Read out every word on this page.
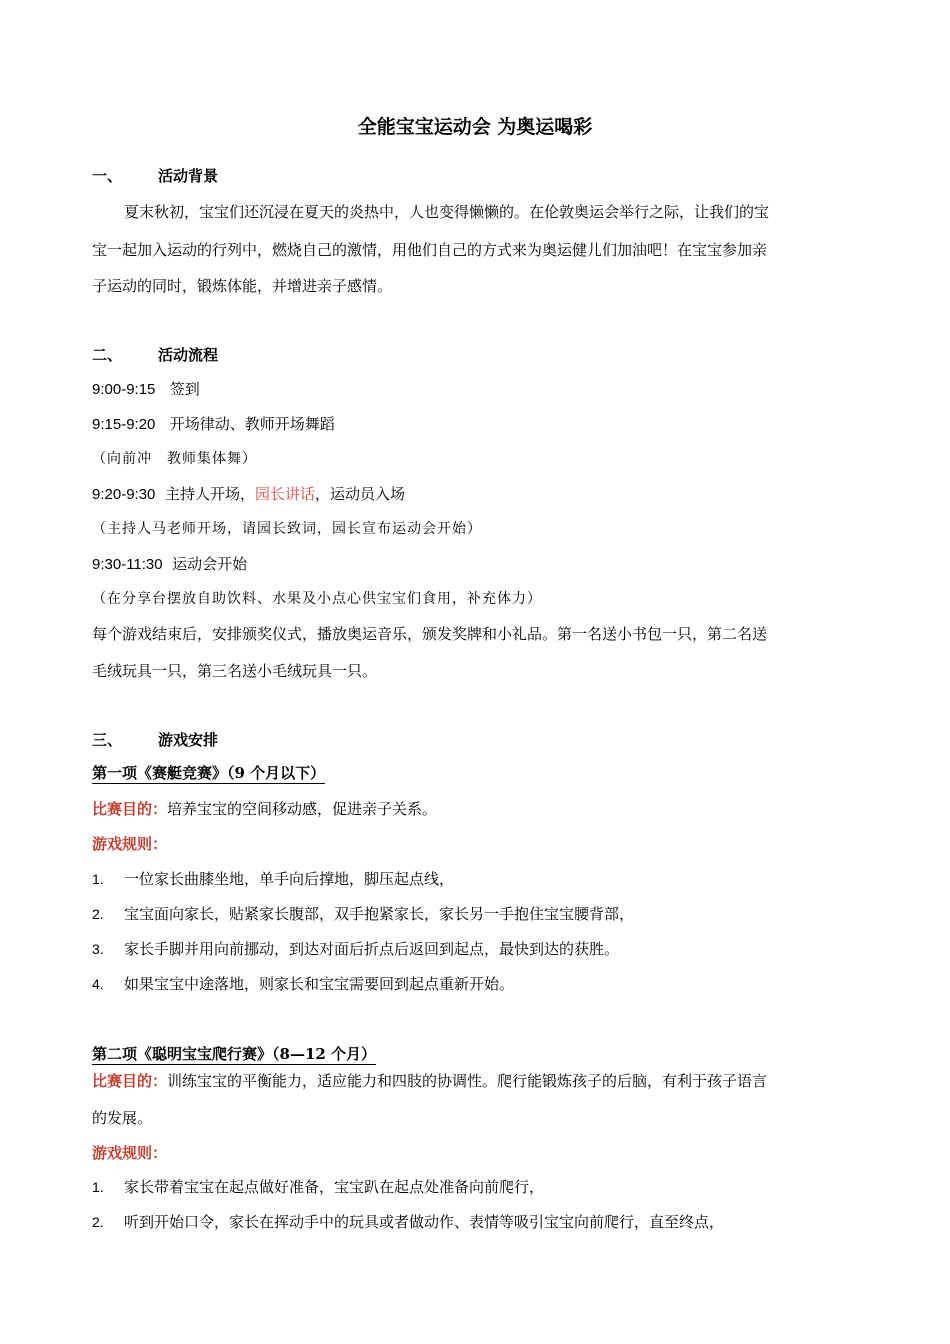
全能宝宝运动会 为奥运喝彩
一、 活动背景
夏末秋初，宝宝们还沉浸在夏天的炎热中，人也变得懒懒的。在伦敦奥运会举行之际，让我们的宝
宝一起加入运动的行列中，燃烧自己的激情，用他们自己的方式来为奥运健儿们加油吧！在宝宝参加亲
子运动的同时，锻炼体能，并增进亲子感情。
二、 活动流程
9:00-9:15 签到
9:15-9:20 开场律动、教师开场舞蹈
（向前冲　教师集体舞）
9:20-9:30 主持人开场，园长讲话，运动员入场
（主持人马老师开场，请园长致词，园长宣布运动会开始）
9:30-11:30 运动会开始
（在分享台摆放自助饮料、水果及小点心供宝宝们食用，补充体力）
每个游戏结束后，安排颁奖仪式，播放奥运音乐，颁发奖牌和小礼品。第一名送小书包一只，第二名送
毛绒玩具一只，第三名送小毛绒玩具一只。
三、 游戏安排
第一项《赛艇竞赛》（9 个月以下）
比赛目的：培养宝宝的空间移动感，促进亲子关系。
游戏规则：
1. 一位家长曲膝坐地，单手向后撑地，脚压起点线，
2. 宝宝面向家长，贴紧家长腹部，双手抱紧家长，家长另一手抱住宝宝腰背部，
3. 家长手脚并用向前挪动，到达对面后折点后返回到起点，最快到达的获胜。
4. 如果宝宝中途落地，则家长和宝宝需要回到起点重新开始。
第二项《聪明宝宝爬行赛》（8—12 个月）
比赛目的：训练宝宝的平衡能力，适应能力和四肢的协调性。爬行能锻炼孩子的后脑，有利于孩子语言
的发展。
游戏规则：
1. 家长带着宝宝在起点做好准备，宝宝趴在起点处准备向前爬行，
2. 听到开始口令，家长在挥动手中的玩具或者做动作、表情等吸引宝宝向前爬行，直至终点，
